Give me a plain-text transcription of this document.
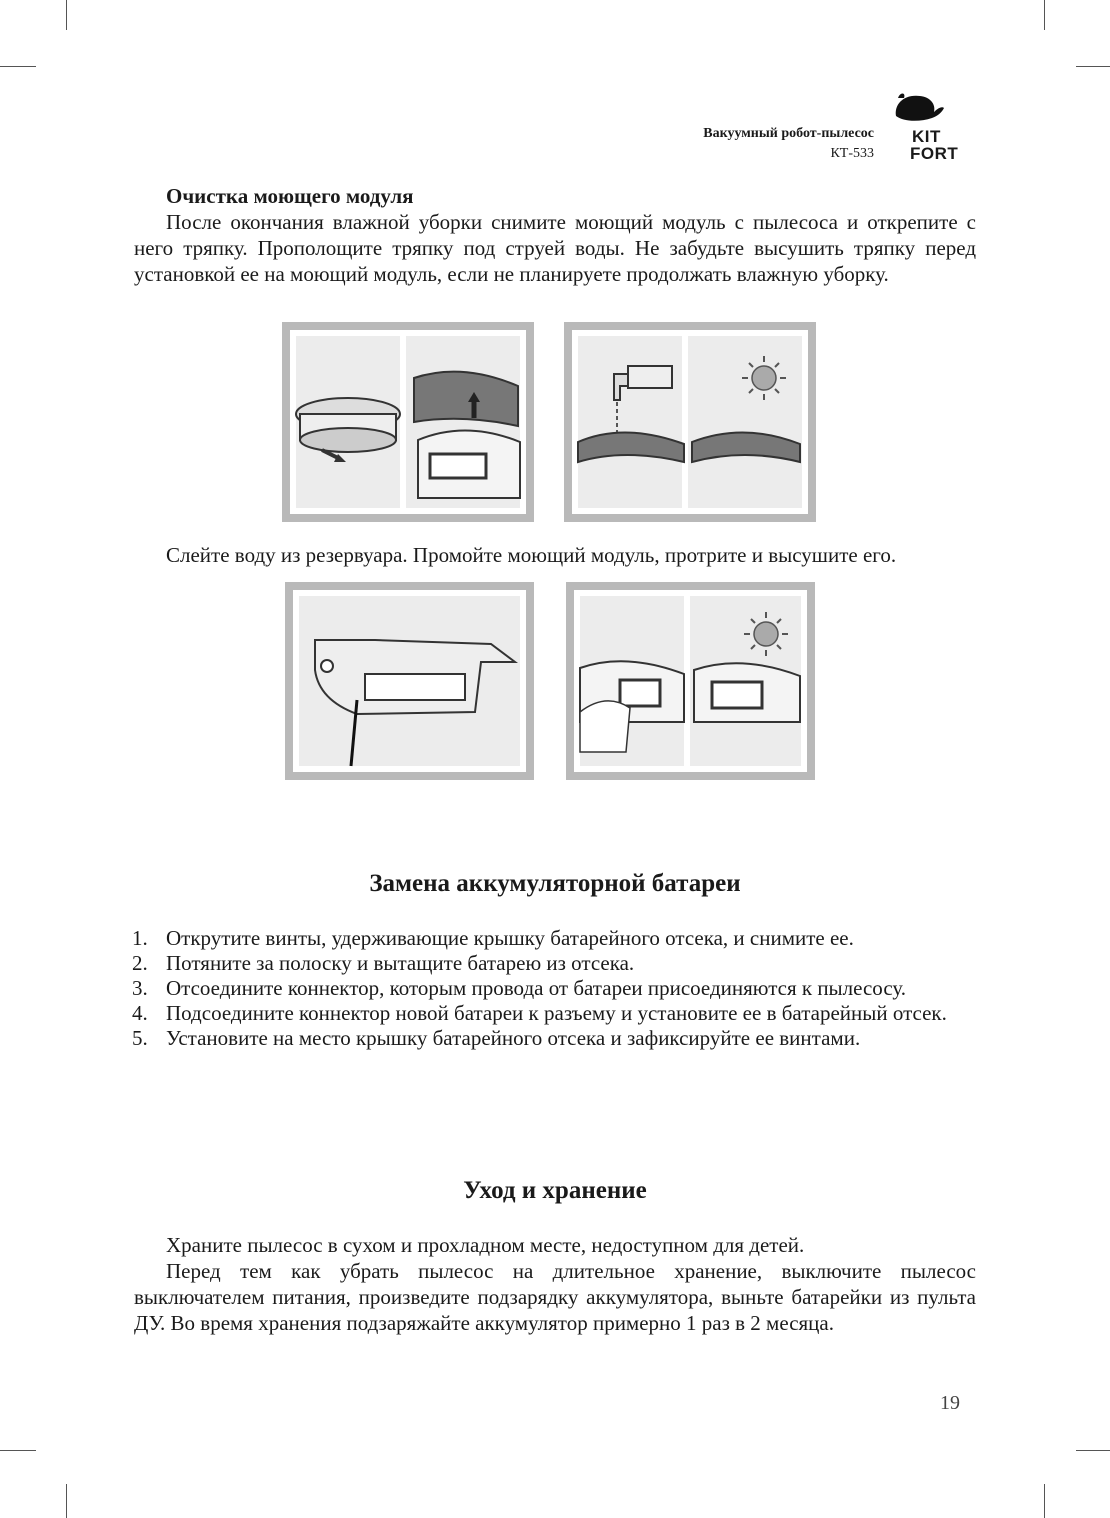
Вакуумный робот-пылесос
КТ-533
KIT
FORT

Очистка моющего модуля

После окончания влажной уборки снимите моющий модуль с пылесоса и открепите с него тряпку. Прополощите тряпку под струей воды. Не забудьте высушить тряпку перед установкой ее на моющий модуль, если не планируете продолжать влажную уборку.

Слейте воду из резервуара. Промойте моющий модуль, протрите и высушите его.
Замена аккумуляторной батареи
1. Открутите винты, удерживающие крышку батарейного отсека, и снимите ее.
2. Потяните за полоску и вытащите батарею из отсека.
3. Отсоедините коннектор, которым провода от батареи присоединяются к пылесосу.
4. Подсоедините коннектор новой батареи к разъему и установите ее в батарейный отсек.
5. Установите на место крышку батарейного отсека и зафиксируйте ее винтами.
Уход и хранение

Храните пылесос в сухом и прохладном месте, недоступном для детей.

Перед тем как убрать пылесос на длительное хранение, выключите пылесос выключателем питания, произведите подзарядку аккумулятора, выньте батарейки из пульта ДУ. Во время хранения подзаряжайте аккумулятор примерно 1 раз в 2 месяца.

19
